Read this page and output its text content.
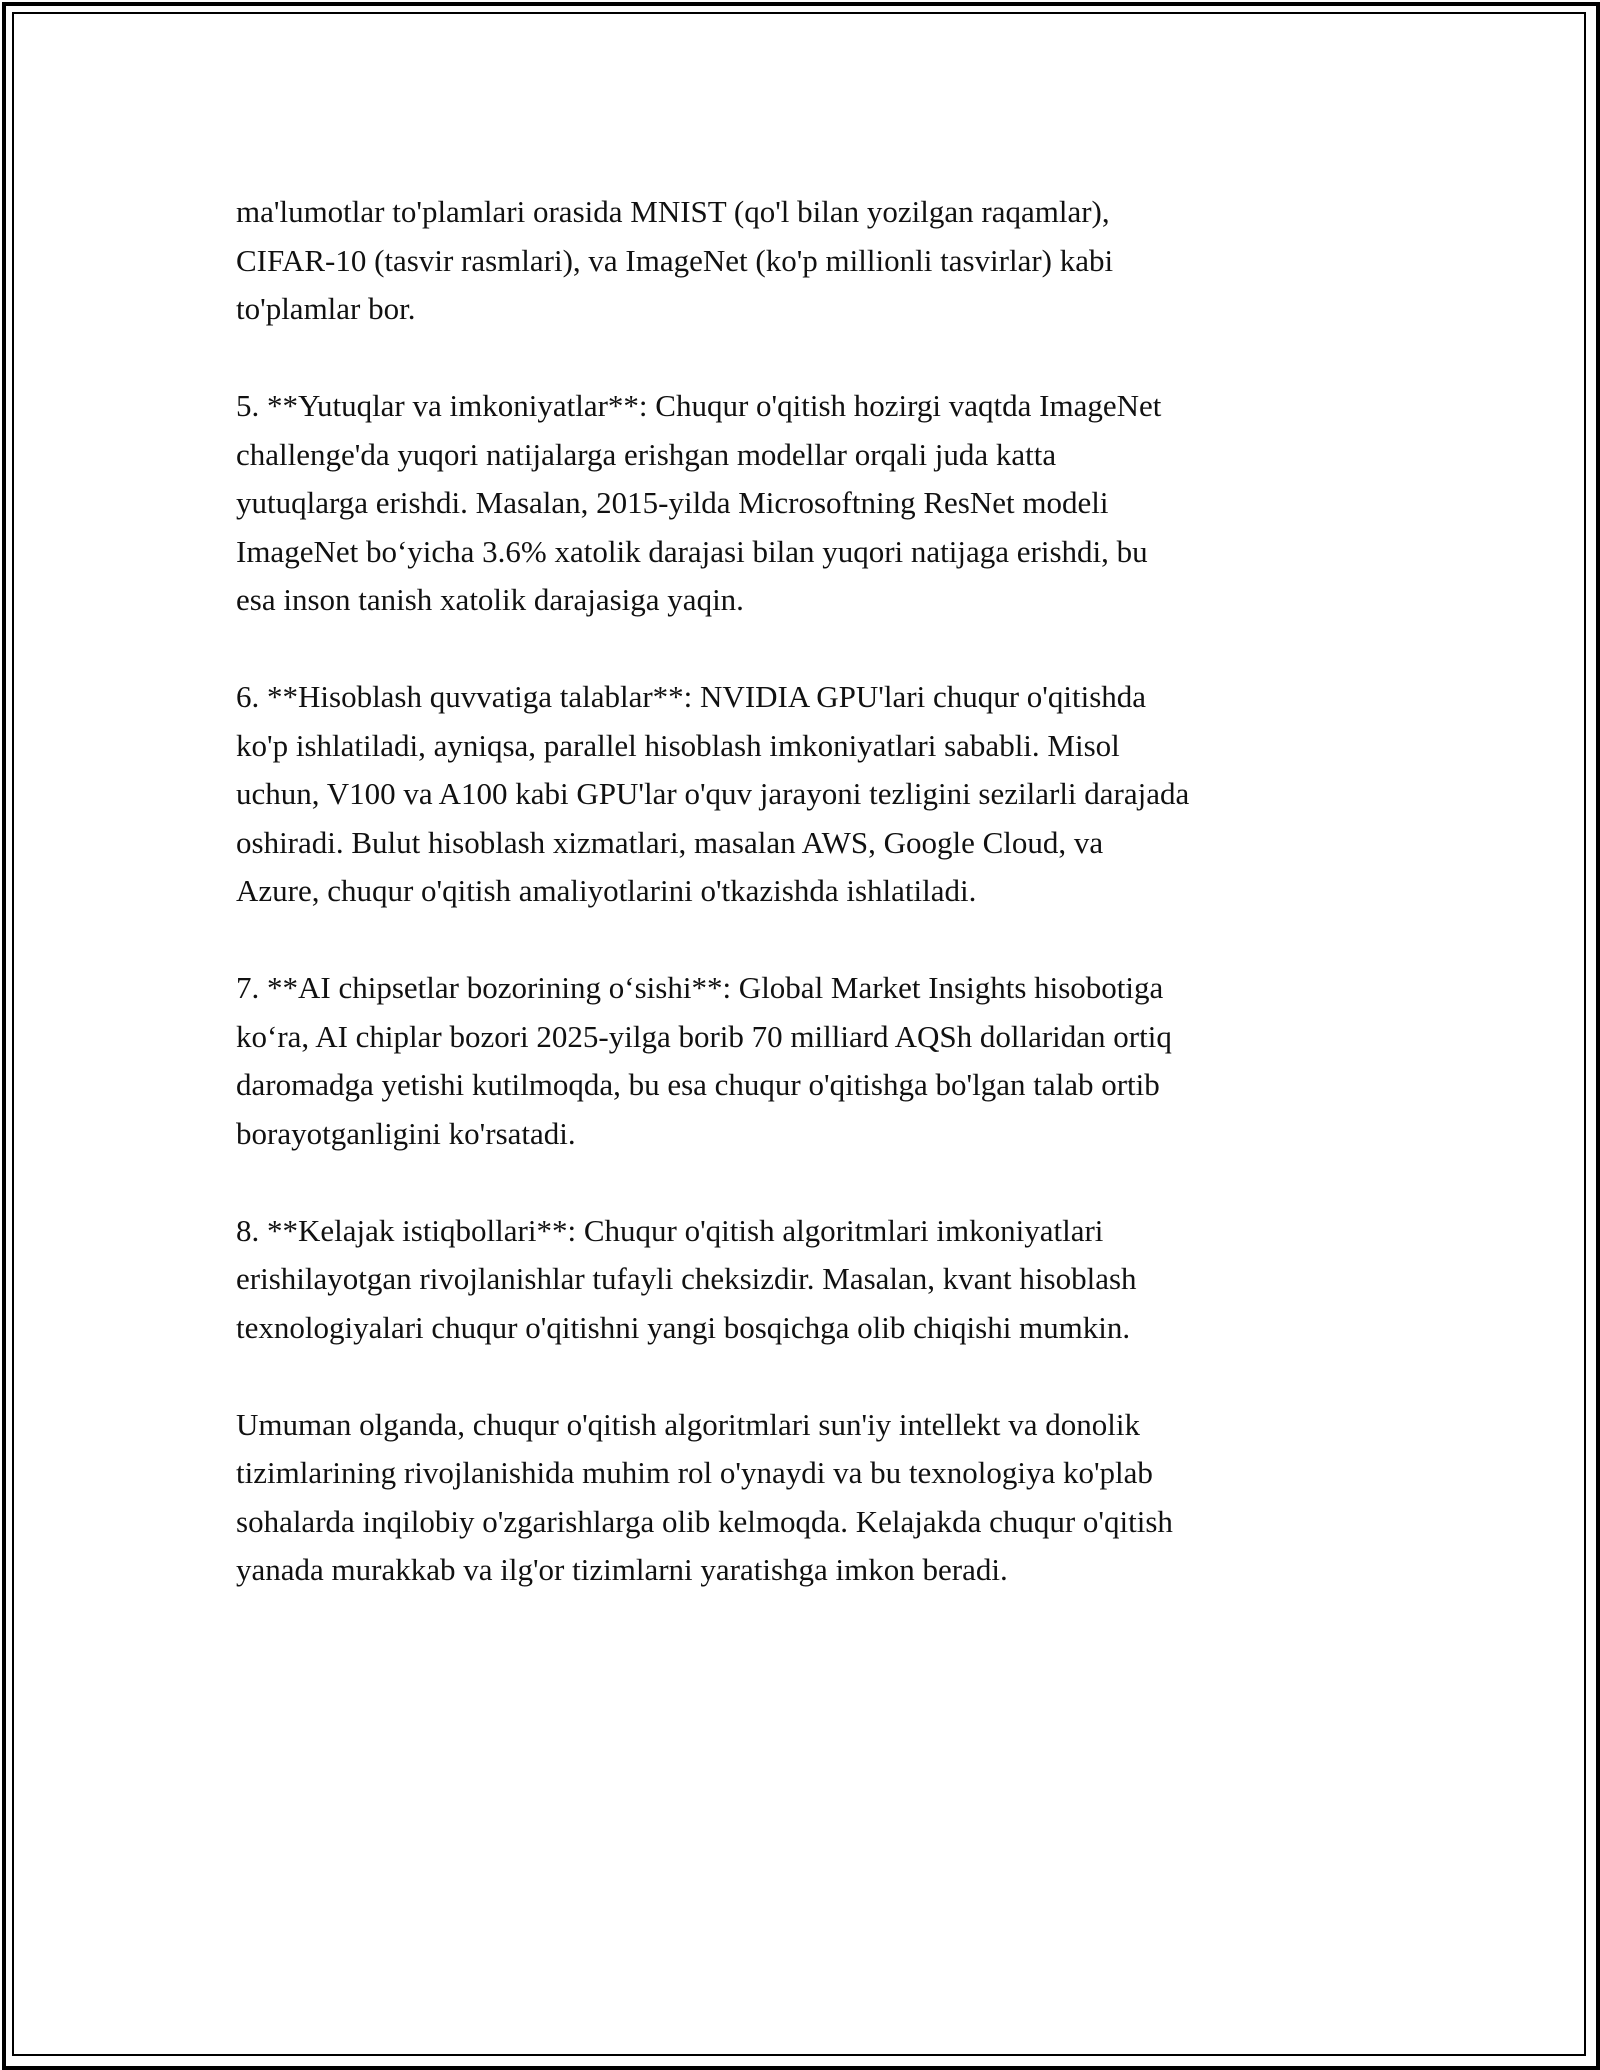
ma'lumotlar to'plamlari orasida MNIST (qo'l bilan yozilgan raqamlar),
CIFAR-10 (tasvir rasmlari), va ImageNet (ko'p millionli tasvirlar) kabi
to'plamlar bor.

5. **Yutuqlar va imkoniyatlar**: Chuqur o'qitish hozirgi vaqtda ImageNet
challenge'da yuqori natijalarga erishgan modellar orqali juda katta
yutuqlarga erishdi. Masalan, 2015-yilda Microsoftning ResNet modeli
ImageNet bo‘yicha 3.6% xatolik darajasi bilan yuqori natijaga erishdi, bu
esa inson tanish xatolik darajasiga yaqin.

6. **Hisoblash quvvatiga talablar**: NVIDIA GPU'lari chuqur o'qitishda
ko'p ishlatiladi, ayniqsa, parallel hisoblash imkoniyatlari sababli. Misol
uchun, V100 va A100 kabi GPU'lar o'quv jarayoni tezligini sezilarli darajada
oshiradi. Bulut hisoblash xizmatlari, masalan AWS, Google Cloud, va
Azure, chuqur o'qitish amaliyotlarini o'tkazishda ishlatiladi.

7. **AI chipsetlar bozorining o‘sishi**: Global Market Insights hisobotiga
ko‘ra, AI chiplar bozori 2025-yilga borib 70 milliard AQSh dollaridan ortiq
daromadga yetishi kutilmoqda, bu esa chuqur o'qitishga bo'lgan talab ortib
borayotganligini ko'rsatadi.

8. **Kelajak istiqbollari**: Chuqur o'qitish algoritmlari imkoniyatlari
erishilayotgan rivojlanishlar tufayli cheksizdir. Masalan, kvant hisoblash
texnologiyalari chuqur o'qitishni yangi bosqichga olib chiqishi mumkin.

Umuman olganda, chuqur o'qitish algoritmlari sun'iy intellekt va donolik
tizimlarining rivojlanishida muhim rol o'ynaydi va bu texnologiya ko'plab
sohalarda inqilobiy o'zgarishlarga olib kelmoqda. Kelajakda chuqur o'qitish
yanada murakkab va ilg'or tizimlarni yaratishga imkon beradi.
